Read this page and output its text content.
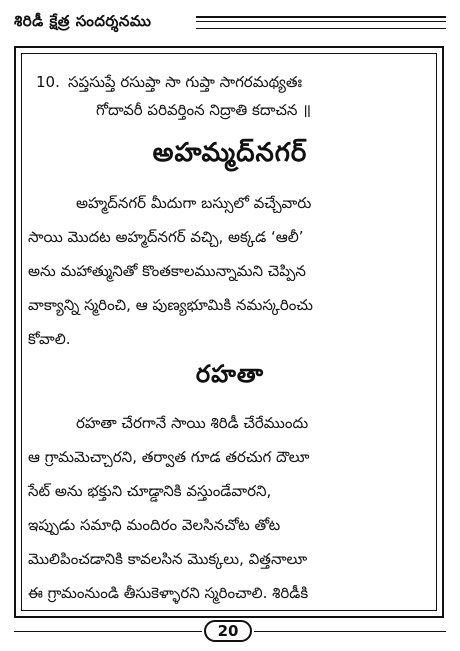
శిరిడీ క్షేత్ర సందర్శనము
10. సప్తసుప్తే రసుప్తా సా గుప్తా సాగరమథ్యతః
గోదావరీ పరివర్తింన నిద్రాతి కదాచన ॥
అహమ్మద్‌నగర్

అహ్మద్‌నగర్ మీదుగా బస్సులో వచ్చేవారు

సాయి మొదట అహ్మద్‌నగర్ వచ్చి, అక్కడ ‘ఆలీ’

అను మహాత్మునితో కొంతకాలమున్నామని చెప్పిన

వాక్యాన్ని స్మరించి, ఆ పుణ్యభూమికి నమస్కరించు

కోవాలి.

రహతా

రహతా చేరగానే సాయి శిరిడీ చేరేముందు

ఆ గ్రామమెచ్చారని, తర్వాత గూడ తరచుగ దౌలూ

సేట్ అను భక్తుని చూడ్డానికి వస్తుండేవారని,

ఇప్పుడు సమాధి మందిరం వెలసినచోట తోట

మొలిపించడానికి కావలసిన మొక్కలు, విత్తనాలూ

ఈ గ్రామంనుండి తీసుకెళ్ళారని స్మరించాలి. శిరిడీకి

20
